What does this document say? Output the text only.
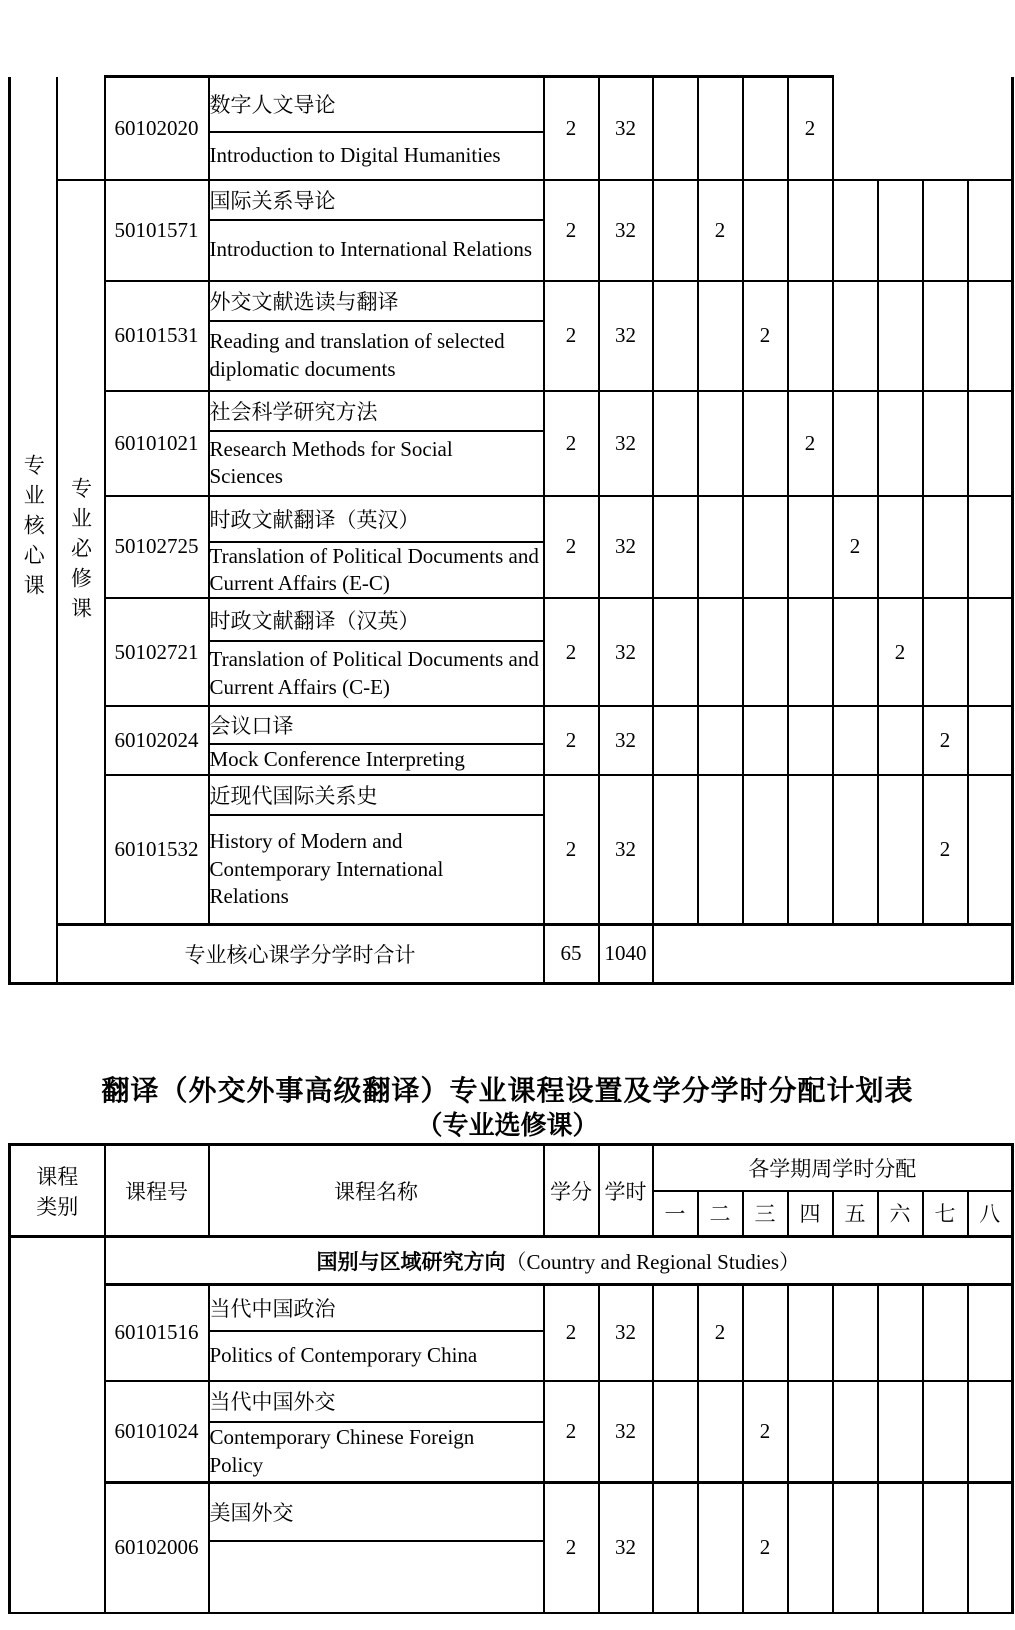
专业核心课		60102020	数字人文导论	2	32				2				
			Introduction to Digital Humanities										

	专业必修课	50101571	国际关系导论	2	32		2						
			Introduction to International Relations										
		60101531	外交文献选读与翻译	2	32			2					
			Reading and translation of selected diplomatic documents										
		60101021	社会科学研究方法	2	32				2				
			Research Methods for Social Sciences										
		50102725	时政文献翻译（英汉）	2	32					2			
			Translation of Political Documents and Current Affairs (E-C)										
		50102721	时政文献翻译（汉英）	2	32						2		
			Translation of Political Documents and Current Affairs (C-E)										
		60102024	会议口译	2	32							2	
			Mock Conference Interpreting										
		60101532	近现代国际关系史	2	32							2	
			History of Modern and Contemporary International Relations										
	专业核心课学分学时合计			65	1040								
翻译（外交外事高级翻译）专业课程设置及学分学时分配计划表
（专业选修课）
课程
类别	课程号	课程名称	学分	学时	各学期周学时分配							
					一	二	三	四	五	六	七	八
	国别与区域研究方向（Country and Regional Studies）											
	60101516	当代中国政治	2	32		2						
		Politics of Contemporary China										
	60101024	当代中国外交	2	32			2					
		Contemporary Chinese Foreign Policy										
	60102006	美国外交	2	32			2					
